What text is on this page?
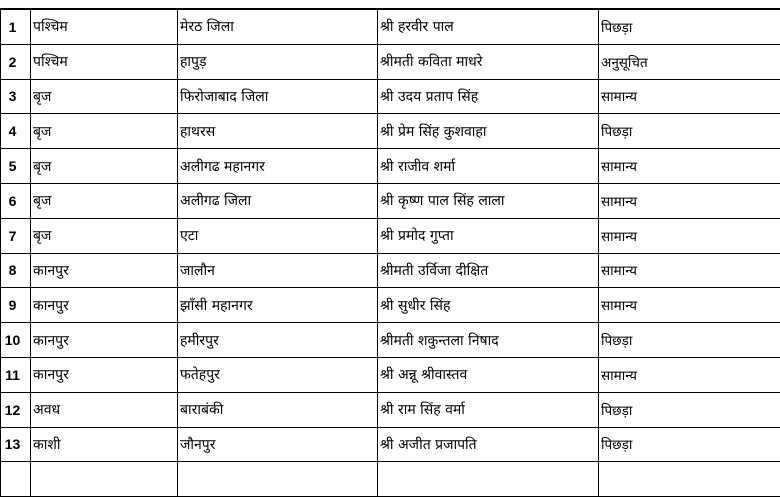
1	पश्चिम	मेरठ जिला	श्री हरवीर पाल	पिछड़ा
2	पश्चिम	हापुड़	श्रीमती कविता माधरे	अनुसूचित
3	बृज	फिरोजाबाद जिला	श्री उदय प्रताप सिंह	सामान्य
4	बृज	हाथरस	श्री प्रेम सिंह कुशवाहा	पिछड़ा
5	बृज	अलीगढ महानगर	श्री राजीव शर्मा	सामान्य
6	बृज	अलीगढ जिला	श्री कृष्ण पाल सिंह लाला	सामान्य
7	बृज	एटा	श्री प्रमोद गुप्ता	सामान्य
8	कानपुर	जालौन	श्रीमती उर्विजा दीक्षित	सामान्य
9	कानपुर	झाँसी महानगर	श्री सुधीर सिंह	सामान्य
10	कानपुर	हमीरपुर	श्रीमती शकुन्तला निषाद	पिछड़ा
11	कानपुर	फतेहपुर	श्री अन्नू श्रीवास्तव	सामान्य
12	अवध	बाराबंकी	श्री राम सिंह वर्मा	पिछड़ा
13	काशी	जौनपुर	श्री अजीत प्रजापति	पिछड़ा
